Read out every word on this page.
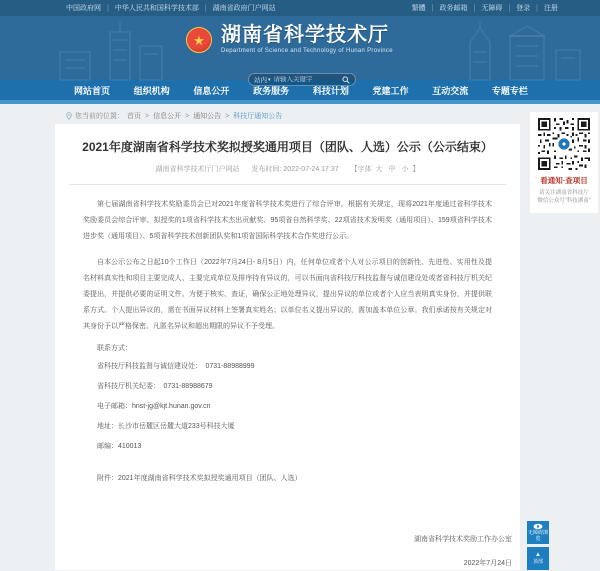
中国政府网	| 中华人民共和国科学技术部	| 湖南省政府门户网站	繁體	| 政务邮箱	| 无障碍	| 登录	| 注册
★ 湖南省科学技术厅
Department of Science and Technology of Hunan Province
站内 ▾
请输入关键字
网站首页	组织机构	信息公开	政务服务	科技计划	党建工作	互动交流	专题专栏
您当前的位置： 首页 > 信息公开 > 通知公告 > 科技厅通知公告
2021年度湖南省科学技术奖拟授奖通用项目（团队、人选）公示（公示结束）
湖南省科学技术厅门户网站 发布时间: 2022-07-24 17:37 【字体 大 中 小 】

第七届湖南省科学技术奖励委员会已对2021年度省科学技术奖进行了综合评审。根据有关规定，现将2021年度通过省科学技术奖励委员会综合评审、拟授奖的1项省科学技术杰出贡献奖、95项省自然科学奖、22项省技术发明奖（通用项目）、159项省科学技术进步奖（通用项目）、5项省科学技术创新团队奖和1项省国际科学技术合作奖进行公示。

自本公示公布之日起10个工作日（2022年7月24日- 8月5日）内，任何单位或者个人对公示项目的创新性、先进性、实用性及提名材料真实性和项目主要完成人、主要完成单位及排序持有异议的，可以书面向省科技厅科技监督与诚信建设处或者省科技厅机关纪委提出，并提供必要的证明文件。为便于核实、查证，确保公正地处理异议，提出异议的单位或者个人应当表明真实身份，并提供联系方式。个人提出异议的，需在书面异议材料上签署真实姓名；以单位名义提出异议的，需加盖本单位公章。我们承诺按有关规定对其身份予以严格保密。凡匿名异议和超出期限的异议不予受理。

联系方式：

省科技厅科技监督与诚信建设处：　0731-88988999

省科技厅机关纪委：　0731-88988679

电子邮箱：hnst-jg@kjt.hunan.gov.cn

地址：长沙市岳麓区岳麓大道233号科技大厦

邮编：410013

附件：2021年度湖南省科学技术奖拟授奖通用项目（团队、人选）

湖南省科学技术奖励工作办公室

2022年7月24日

看通知·查项目
请关注湖南省科技厅
微信公众号“科技湖南”
无障碍浏览
▲
顶部
